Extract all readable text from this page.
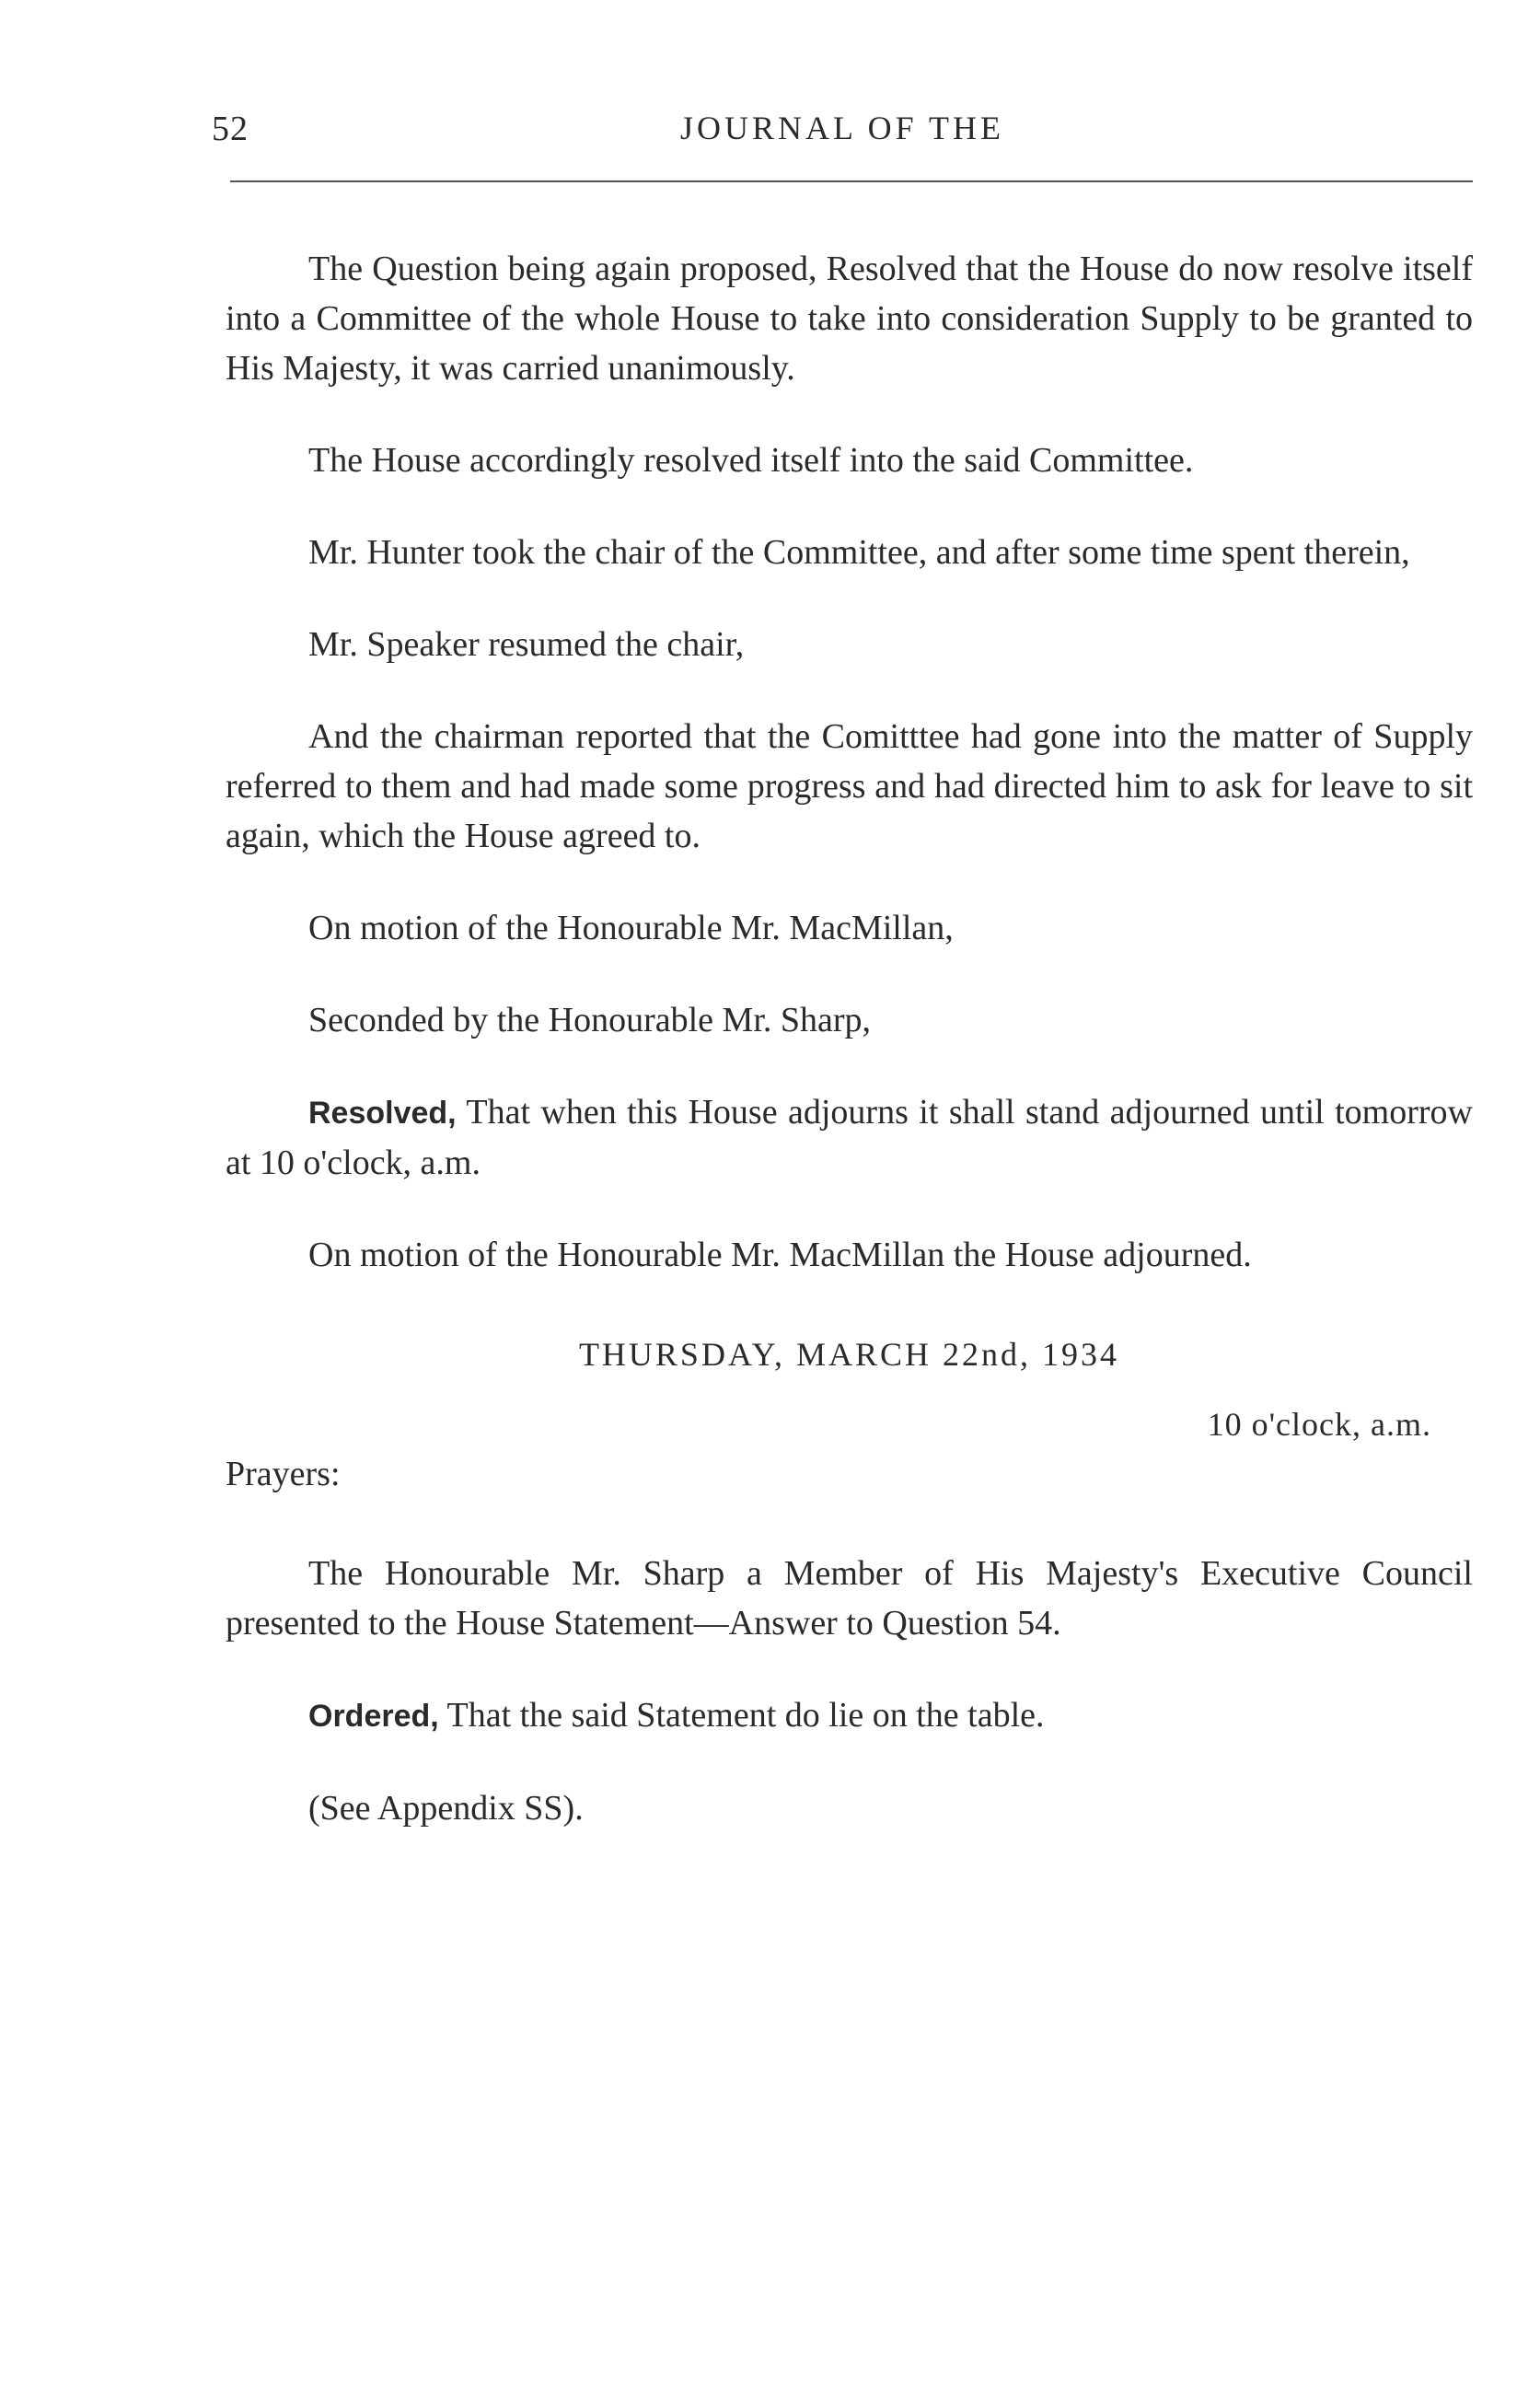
52	JOURNAL OF THE

The Question being again proposed, Resolved that the House do now resolve itself into a Committee of the whole House to take into consideration Supply to be granted to His Majesty, it was carried unanimously.

The House accordingly resolved itself into the said Committee.

Mr. Hunter took the chair of the Committee, and after some time spent therein,

Mr. Speaker resumed the chair,

And the chairman reported that the Comitttee had gone into the matter of Supply referred to them and had made some progress and had directed him to ask for leave to sit again, which the House agreed to.

On motion of the Honourable Mr. MacMillan,

Seconded by the Honourable Mr. Sharp,

Resolved, That when this House adjourns it shall stand adjourned until tomorrow at 10 o'clock, a.m.

On motion of the Honourable Mr. MacMillan the House adjourned.

THURSDAY, MARCH 22nd, 1934

10 o'clock, a.m.

Prayers:

The Honourable Mr. Sharp a Member of His Majesty's Executive Council presented to the House Statement—Answer to Question 54.

Ordered, That the said Statement do lie on the table.

(See Appendix SS).
